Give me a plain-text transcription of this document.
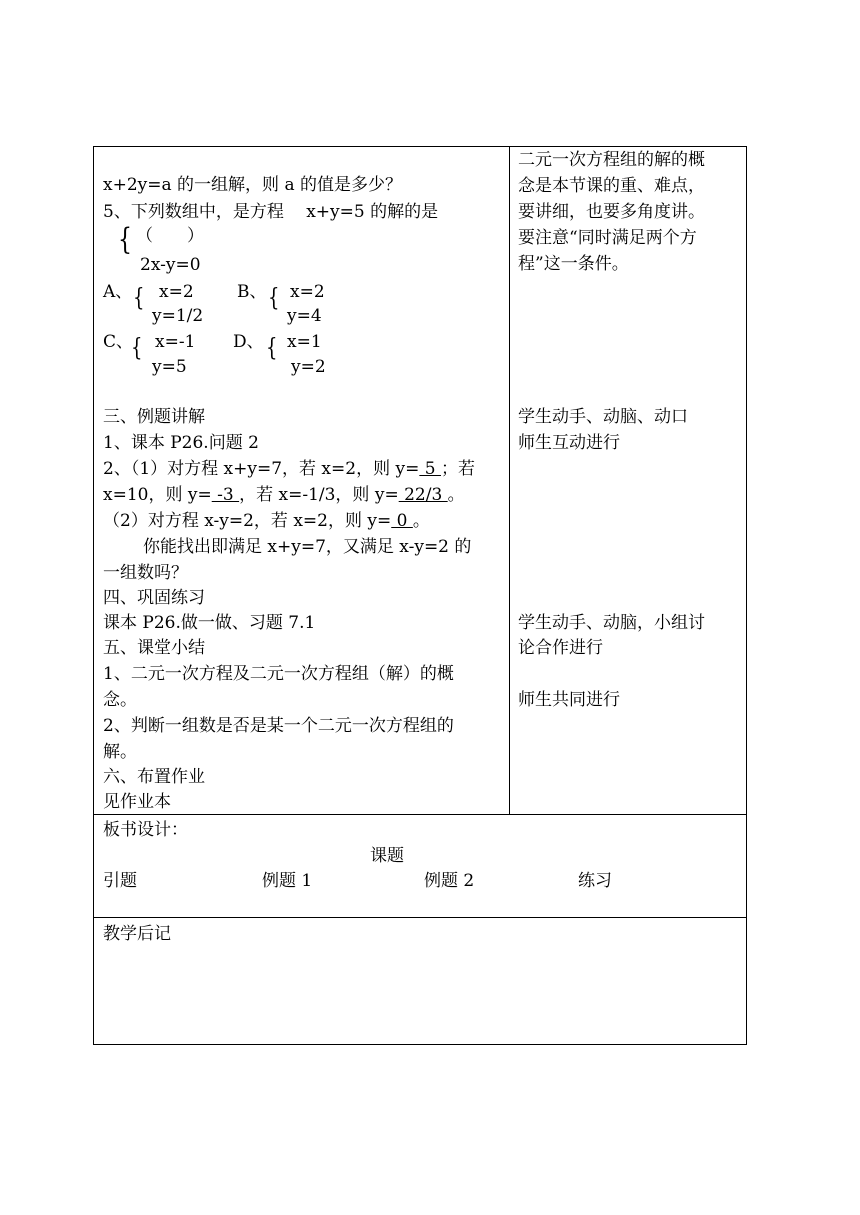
x+2y=a 的一组解，则 a 的值是多少？
5、下列数组中，是方程　 x+y=5 的解的是
{ （　　）
2x-y=0
A、 { x=2
y=1/2
B、 { x=2
y=4
C、
{ x=-1
y=5
D、 { x=1
y=2
三、例题讲解
1、课本 P26.问题 2
2、（1）对方程 x+y=7，若 x=2，则 y= 5 ；若
x=10，则 y= -3 ，若 x=-1/3，则 y= 22/3 。
（2）对方程 x-y=2，若 x=2，则 y= 0 。
你能找出即满足 x+y=7，又满足 x-y=2 的
一组数吗？
四、巩固练习
课本 P26.做一做、习题 7.1
五、课堂小结
1、二元一次方程及二元一次方程组（解）的概
念。
2、判断一组数是否是某一个二元一次方程组的
解。
六、布置作业
见作业本
二元一次方程组的解的概
念是本节课的重、难点，
要讲细，也要多角度讲。
要注意“同时满足两个方
程”这一条件。
学生动手、动脑、动口
师生互动进行
学生动手、动脑，小组讨
论合作进行
师生共同进行
板书设计：
课题
引题	例题 1	例题 2	练习
教学后记
